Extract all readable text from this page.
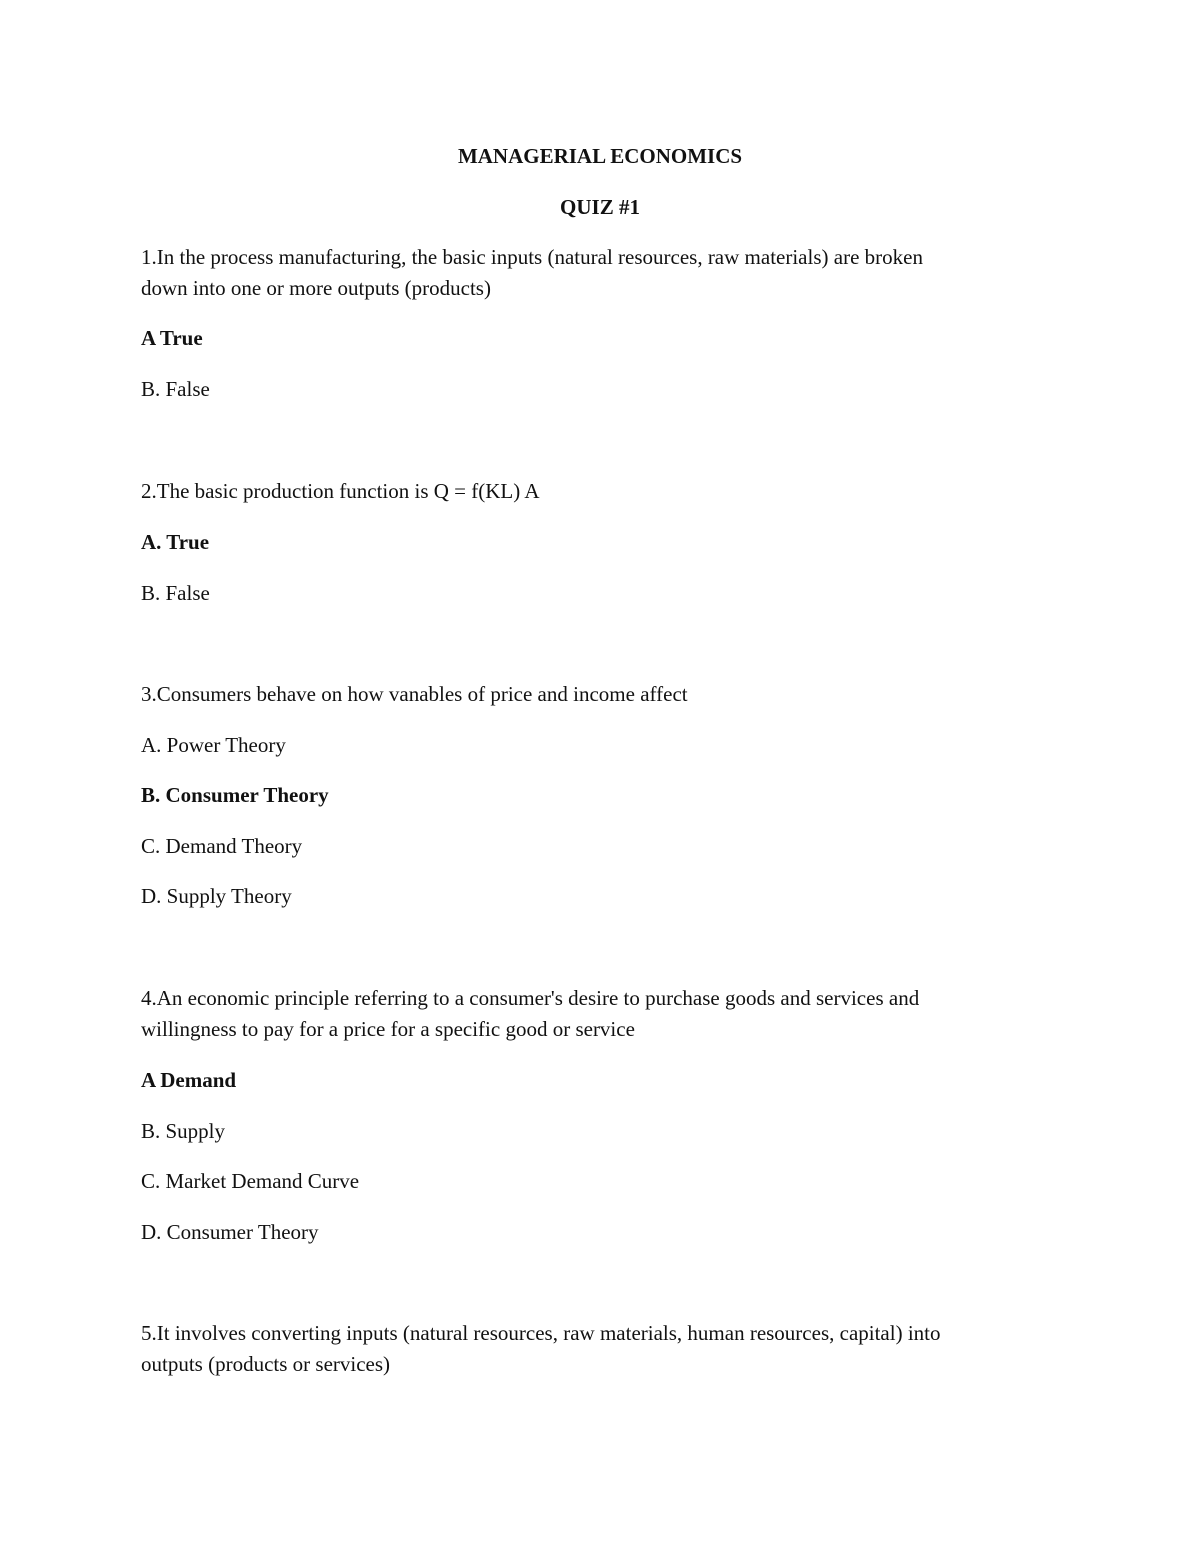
MANAGERIAL ECONOMICS
QUIZ #1
1.In the process manufacturing, the basic inputs (natural resources, raw materials) are broken
down into one or more outputs (products)
A True
B. False
2.The basic production function is Q = f(KL) A
A. True
B. False
3.Consumers behave on how vanables of price and income affect
A. Power Theory
B. Consumer Theory
C. Demand Theory
D. Supply Theory
4.An economic principle referring to a consumer's desire to purchase goods and services and
willingness to pay for a price for a specific good or service
A Demand
B. Supply
C. Market Demand Curve
D. Consumer Theory
5.It involves converting inputs (natural resources, raw materials, human resources, capital) into
outputs (products or services)
